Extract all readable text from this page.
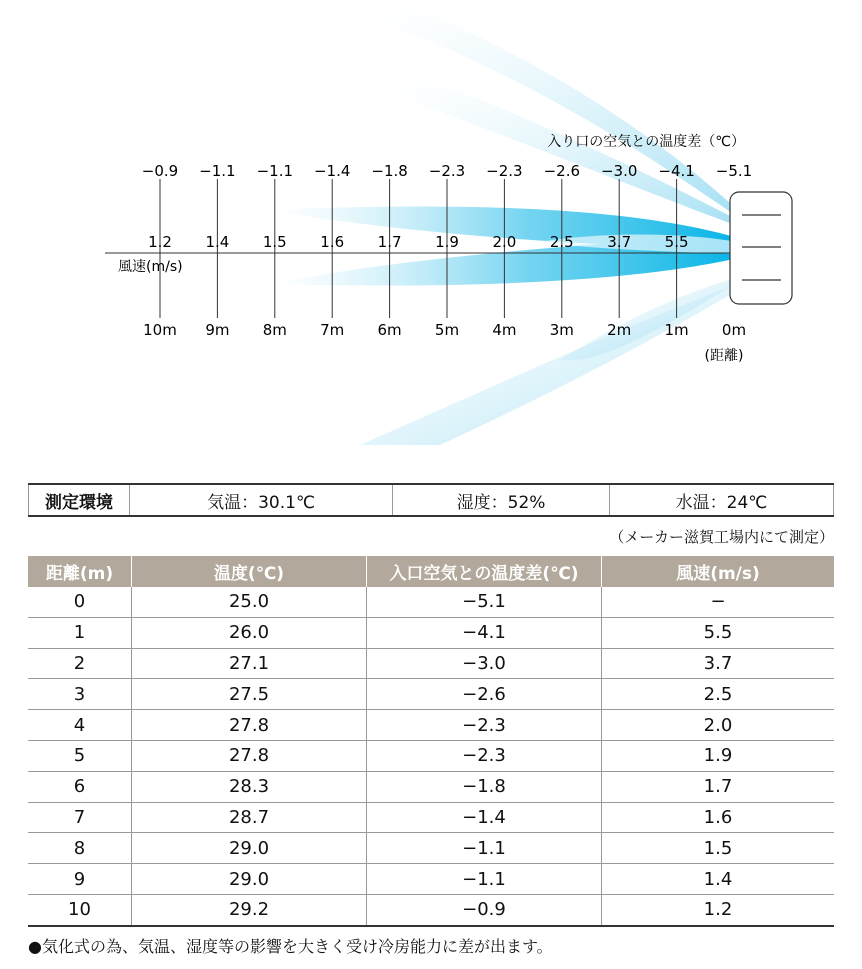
−0.9
1.2
10m
−1.1
1.4
9m
−1.1
1.5
8m
−1.4
1.6
7m
−1.8
1.7
6m
−2.3
1.9
5m
−2.3
2.0
4m
−2.6
2.5
3m
−3.0
3.7
2m
−4.1
5.5
1m
−5.1
0m
入り口の空気との温度差（℃）
風速(m/s)
(距離)
測定環境	気温：30.1℃	湿度：52%	水温：24℃
（メーカー滋賀工場内にて測定）
距離(m)	温度(℃)	入口空気との温度差(℃)	風速(m/s)
0	25.0	−5.1	−
1	26.0	−4.1	5.5
2	27.1	−3.0	3.7
3	27.5	−2.6	2.5
4	27.8	−2.3	2.0
5	27.8	−2.3	1.9
6	28.3	−1.8	1.7
7	28.7	−1.4	1.6
8	29.0	−1.1	1.5
9	29.0	−1.1	1.4
10	29.2	−0.9	1.2
●気化式の為、気温、湿度等の影響を大きく受け冷房能力に差が出ます。
